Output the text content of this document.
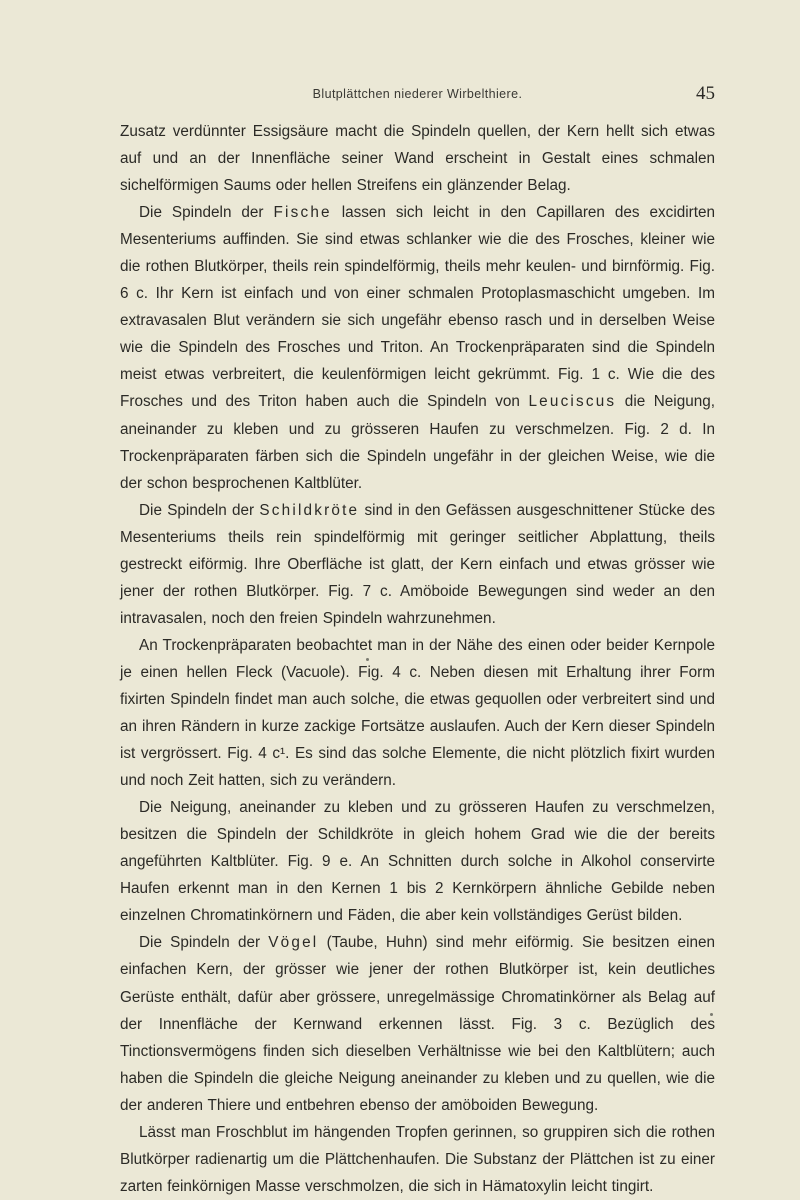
Blutplättchen niederer Wirbelthiere.	45

Zusatz verdünnter Essigsäure macht die Spindeln quellen, der Kern hellt sich etwas auf und an der Innenfläche seiner Wand erscheint in Gestalt eines schmalen sichelförmigen Saums oder hellen Streifens ein glänzender Belag.

Die Spindeln der Fische lassen sich leicht in den Capillaren des excidirten Mesenteriums auffinden. Sie sind etwas schlanker wie die des Frosches, kleiner wie die rothen Blutkörper, theils rein spindelförmig, theils mehr keulen- und birnförmig. Fig. 6 c. Ihr Kern ist einfach und von einer schmalen Protoplasmaschicht umgeben. Im extravasalen Blut verändern sie sich ungefähr ebenso rasch und in derselben Weise wie die Spindeln des Frosches und Triton. An Trockenpräparaten sind die Spindeln meist etwas verbreitert, die keulenförmigen leicht gekrümmt. Fig. 1 c. Wie die des Frosches und des Triton haben auch die Spindeln von Leuciscus die Neigung, aneinander zu kleben und zu grösseren Haufen zu verschmelzen. Fig. 2 d. In Trockenpräparaten färben sich die Spindeln ungefähr in der gleichen Weise, wie die der schon besprochenen Kaltblüter.

Die Spindeln der Schildkröte sind in den Gefässen ausgeschnittener Stücke des Mesenteriums theils rein spindelförmig mit geringer seitlicher Abplattung, theils gestreckt eiförmig. Ihre Oberfläche ist glatt, der Kern einfach und etwas grösser wie jener der rothen Blutkörper. Fig. 7 c. Amöboide Bewegungen sind weder an den intravasalen, noch den freien Spindeln wahrzunehmen.

An Trockenpräparaten beobachtet man in der Nähe des einen oder beider Kernpole je einen hellen Fleck (Vacuole). Fig. 4 c. Neben diesen mit Erhaltung ihrer Form fixirten Spindeln findet man auch solche, die etwas gequollen oder verbreitert sind und an ihren Rändern in kurze zackige Fortsätze auslaufen. Auch der Kern dieser Spindeln ist vergrössert. Fig. 4 c¹. Es sind das solche Elemente, die nicht plötzlich fixirt wurden und noch Zeit hatten, sich zu verändern.

Die Neigung, aneinander zu kleben und zu grösseren Haufen zu verschmelzen, besitzen die Spindeln der Schildkröte in gleich hohem Grad wie die der bereits angeführten Kaltblüter. Fig. 9 e. An Schnitten durch solche in Alkohol conservirte Haufen erkennt man in den Kernen 1 bis 2 Kernkörpern ähnliche Gebilde neben einzelnen Chromatinkörnern und Fäden, die aber kein vollständiges Gerüst bilden.

Die Spindeln der Vögel (Taube, Huhn) sind mehr eiförmig. Sie besitzen einen einfachen Kern, der grösser wie jener der rothen Blutkörper ist, kein deutliches Gerüste enthält, dafür aber grössere, unregelmässige Chromatinkörner als Belag auf der Innenfläche der Kernwand erkennen lässt. Fig. 3 c. Bezüglich des Tinctionsvermögens finden sich dieselben Verhältnisse wie bei den Kaltblütern; auch haben die Spindeln die gleiche Neigung aneinander zu kleben und zu quellen, wie die der anderen Thiere und entbehren ebenso der amöboiden Bewegung.

Lässt man Froschblut im hängenden Tropfen gerinnen, so gruppiren sich die rothen Blutkörper radienartig um die Plättchenhaufen. Die Substanz der Plättchen ist zu einer zarten feinkörnigen Masse verschmolzen, die sich in Hämatoxylin leicht tingirt.
